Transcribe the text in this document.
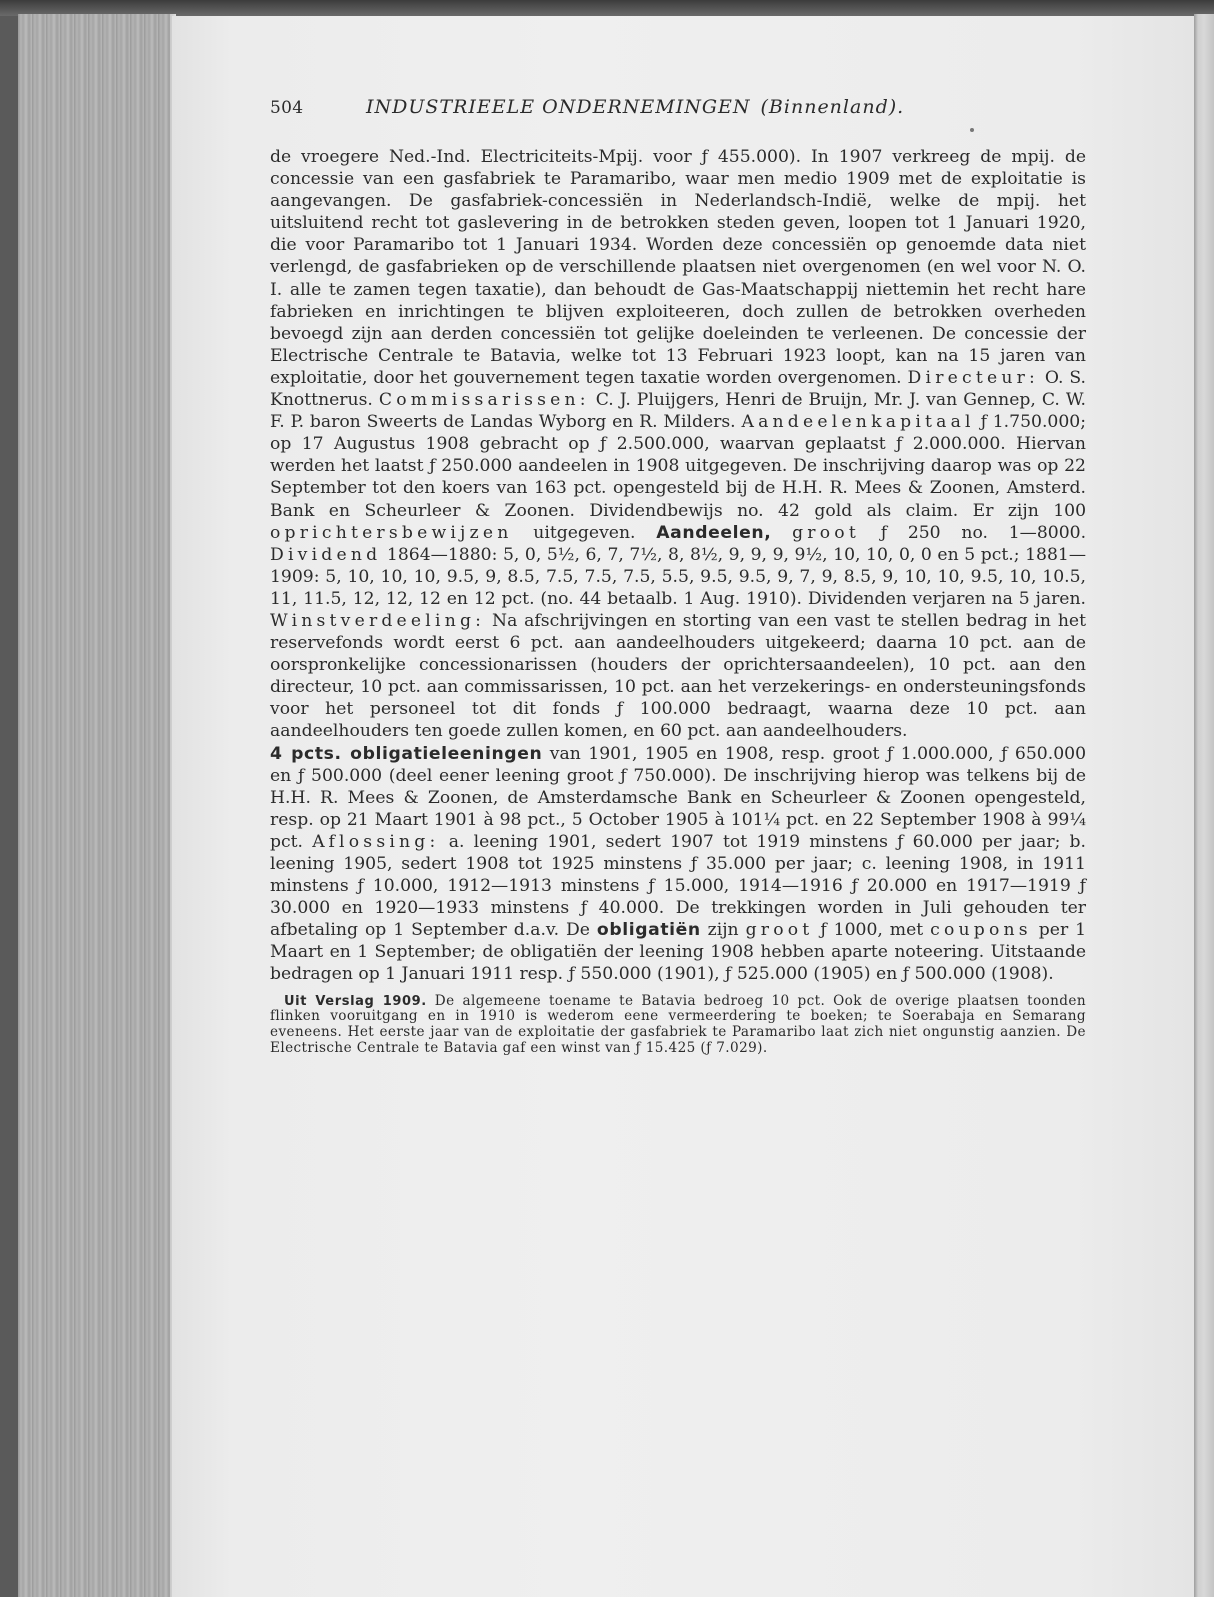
504	INDUSTRIEELE ONDERNEMINGEN (Binnenland).

de vroegere Ned.-Ind. Electriciteits-Mpij. voor ƒ 455.000). In 1907 verkreeg de mpij. de concessie van een gasfabriek te Paramaribo, waar men medio 1909 met de exploitatie is aangevangen. De gasfabriek-concessiën in Nederlandsch-Indië, welke de mpij. het uitsluitend recht tot gaslevering in de betrokken steden geven, loopen tot 1 Januari 1920, die voor Paramaribo tot 1 Januari 1934. Worden deze concessiën op genoemde data niet verlengd, de gasfabrieken op de verschillende plaatsen niet overgenomen (en wel voor N. O. I. alle te zamen tegen taxatie), dan behoudt de Gas-Maatschappij niettemin het recht hare fabrieken en inrichtingen te blijven exploiteeren, doch zullen de betrokken overheden bevoegd zijn aan derden concessiën tot gelijke doeleinden te verleenen. De concessie der Electrische Centrale te Batavia, welke tot 13 Februari 1923 loopt, kan na 15 jaren van exploitatie, door het gouvernement tegen taxatie worden overgenomen. Directeur: O. S. Knottnerus. Commissarissen: C. J. Pluijgers, Henri de Bruijn, Mr. J. van Gennep, C. W. F. P. baron Sweerts de Landas Wyborg en R. Milders. Aandeelenkapitaal ƒ 1.750.000; op 17 Augustus 1908 gebracht op ƒ 2.500.000, waarvan geplaatst ƒ 2.000.000. Hiervan werden het laatst ƒ 250.000 aandeelen in 1908 uitgegeven. De inschrijving daarop was op 22 September tot den koers van 163 pct. opengesteld bij de H.H. R. Mees & Zoonen, Amsterd. Bank en Scheurleer & Zoonen. Dividendbewijs no. 42 gold als claim. Er zijn 100 oprichtersbewijzen uitgegeven. Aandeelen, groot ƒ 250 no. 1—8000. Dividend 1864—1880: 5, 0, 5½, 6, 7, 7½, 8, 8½, 9, 9, 9, 9½, 10, 10, 0, 0 en 5 pct.; 1881—1909: 5, 10, 10, 10, 9.5, 9, 8.5, 7.5, 7.5, 7.5, 5.5, 9.5, 9.5, 9, 7, 9, 8.5, 9, 10, 10, 9.5, 10, 10.5, 11, 11.5, 12, 12, 12 en 12 pct. (no. 44 betaalb. 1 Aug. 1910). Dividenden verjaren na 5 jaren. Winstverdeeling: Na afschrijvingen en storting van een vast te stellen bedrag in het reservefonds wordt eerst 6 pct. aan aandeelhouders uitgekeerd; daarna 10 pct. aan de oorspronkelijke concessionarissen (houders der oprichtersaandeelen), 10 pct. aan den directeur, 10 pct. aan commissarissen, 10 pct. aan het verzekerings- en ondersteuningsfonds voor het personeel tot dit fonds ƒ 100.000 bedraagt, waarna deze 10 pct. aan aandeelhouders ten goede zullen komen, en 60 pct. aan aandeelhouders.
4 pcts. obligatieleeningen van 1901, 1905 en 1908, resp. groot ƒ 1.000.000, ƒ 650.000 en ƒ 500.000 (deel eener leening groot ƒ 750.000). De inschrijving hierop was telkens bij de H.H. R. Mees & Zoonen, de Amsterdamsche Bank en Scheurleer & Zoonen opengesteld, resp. op 21 Maart 1901 à 98 pct., 5 October 1905 à 101¼ pct. en 22 September 1908 à 99¼ pct. Aflossing: a. leening 1901, sedert 1907 tot 1919 minstens ƒ 60.000 per jaar; b. leening 1905, sedert 1908 tot 1925 minstens ƒ 35.000 per jaar; c. leening 1908, in 1911 minstens ƒ 10.000, 1912—1913 minstens ƒ 15.000, 1914—1916 ƒ 20.000 en 1917—1919 ƒ 30.000 en 1920—1933 minstens ƒ 40.000. De trekkingen worden in Juli gehouden ter afbetaling op 1 September d.a.v. De obligatiën zijn groot ƒ 1000, met coupons per 1 Maart en 1 September; de obligatiën der leening 1908 hebben aparte noteering. Uitstaande bedragen op 1 Januari 1911 resp. ƒ 550.000 (1901), ƒ 525.000 (1905) en ƒ 500.000 (1908).

Uit Verslag 1909. De algemeene toename te Batavia bedroeg 10 pct. Ook de overige plaatsen toonden flinken vooruitgang en in 1910 is wederom eene vermeerdering te boeken; te Soerabaja en Semarang eveneens. Het eerste jaar van de exploitatie der gasfabriek te Paramaribo laat zich niet ongunstig aanzien. De Electrische Centrale te Batavia gaf een winst van ƒ 15.425 (ƒ 7.029).
